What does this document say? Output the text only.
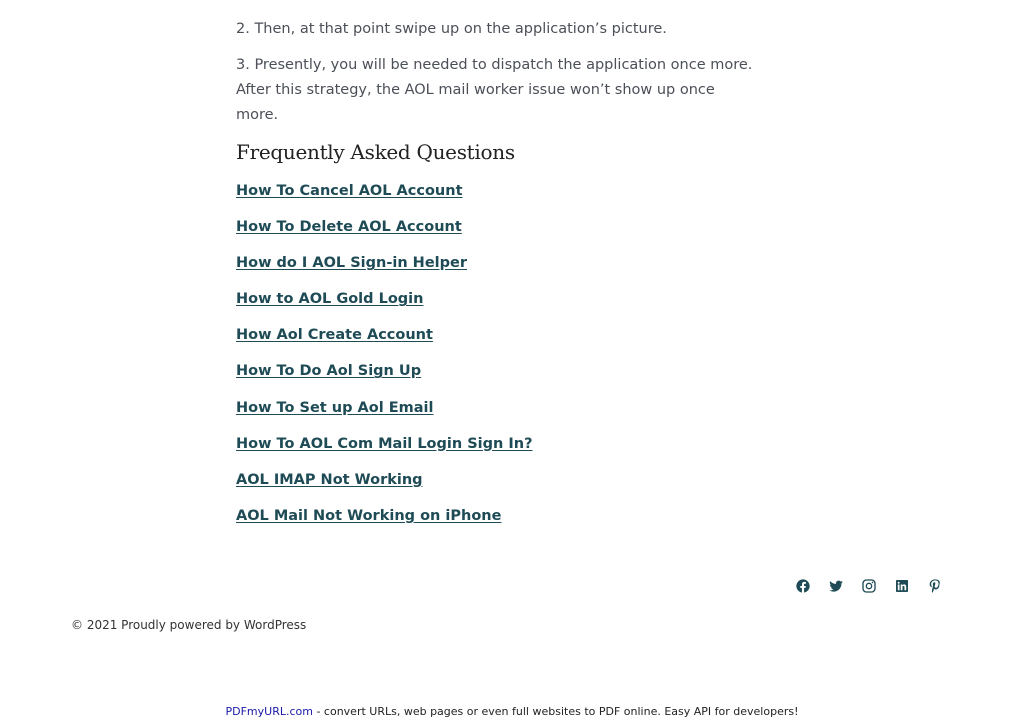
2. Then, at that point swipe up on the application’s picture.

3. Presently, you will be needed to dispatch the application once more. After this strategy, the AOL mail worker issue won’t show up once more.

Frequently Asked Questions
How To Cancel AOL Account
How To Delete AOL Account
How do I AOL Sign-in Helper
How to AOL Gold Login
How Aol Create Account
How To Do Aol Sign Up
How To Set up Aol Email
How To AOL Com Mail Login Sign In?
AOL IMAP Not Working
AOL Mail Not Working on iPhone
© 2021 Proudly powered by WordPress
PDFmyURL.com - convert URLs, web pages or even full websites to PDF online. Easy API for developers!
